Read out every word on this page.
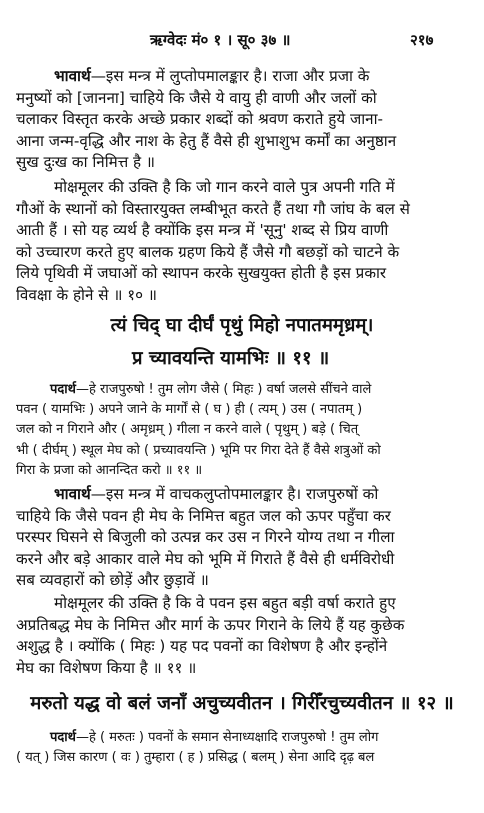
ऋग्वेदः मं० १ । सू० ३७ ॥	२१७
भावार्थ—इस मन्त्र में लुप्तोपमालङ्कार है। राजा और प्रजा के
मनुष्यों को [जानना] चाहिये कि जैसे ये वायु ही वाणी और जलों को
चलाकर विस्तृत करके अच्छे प्रकार शब्दों को श्रवण कराते हुये जाना-
आना जन्म-वृद्धि और नाश के हेतु हैं वैसे ही शुभाशुभ कर्मों का अनुष्ठान
सुख दुःख का निमित्त है ॥
मोक्षमूलर की उक्ति है कि जो गान करने वाले पुत्र अपनी गति में
गौओं के स्थानों को विस्तारयुक्त लम्बीभूत करते हैं तथा गौ जांघ के बल से
आती हैं । सो यह व्यर्थ है क्योंकि इस मन्त्र में 'सूनु' शब्द से प्रिय वाणी
को उच्चारण करते हुए बालक ग्रहण किये हैं जैसे गौ बछड़ों को चाटने के
लिये पृथिवी में जघाओं को स्थापन करके सुखयुक्त होती है इस प्रकार
विवक्षा के होने से ॥ १० ॥
त्यं चिद् घा दीर्घं पृथुं मिहो नपातममृध्रम्।
प्र च्यावयन्ति यामभिः ॥ ११ ॥
पदार्थ—हे राजपुरुषो ! तुम लोग जैसे ( मिहः ) वर्षा जलसे सींचने वाले
पवन ( यामभिः ) अपने जाने के मार्गों से ( घ ) ही ( त्यम् ) उस ( नपातम् )
जल को न गिराने और ( अमृध्रम् ) गीला न करने वाले ( पृथुम् ) बड़े ( चित्
भी ( दीर्घम् ) स्थूल मेघ को ( प्रच्यावयन्ति ) भूमि पर गिरा देते हैं वैसे शत्रुओं को
गिरा के प्रजा को आनन्दित करो ॥ ११ ॥
भावार्थ—इस मन्त्र में वाचकलुप्तोपमालङ्कार है। राजपुरुषों को
चाहिये कि जैसे पवन ही मेघ के निमित्त बहुत जल को ऊपर पहुँचा कर
परस्पर घिसने से बिजुली को उत्पन्न कर उस न गिरने योग्य तथा न गीला
करने और बड़े आकार वाले मेघ को भूमि में गिराते हैं वैसे ही धर्मविरोधी
सब व्यवहारों को छोड़ें और छुड़ावें ॥
मोक्षमूलर की उक्ति है कि वे पवन इस बहुत बड़ी वर्षा कराते हुए
अप्रतिबद्ध मेघ के निमित्त और मार्ग के ऊपर गिराने के लिये हैं यह कुछेक
अशुद्ध है । क्योंकि ( मिहः ) यह पद पवनों का विशेषण है और इन्होंने
मेघ का विशेषण किया है ॥ ११ ॥
मरुतो यद्ध वो बलं जनाँ अचुच्यवीतन । गिरीँरचुच्यवीतन ॥ १२ ॥
पदार्थ—हे ( मरुतः ) पवनों के समान सेनाध्यक्षादि राजपुरुषो ! तुम लोग
( यत् ) जिस कारण ( वः ) तुम्हारा ( ह ) प्रसिद्ध ( बलम् ) सेना आदि दृढ़ बल
